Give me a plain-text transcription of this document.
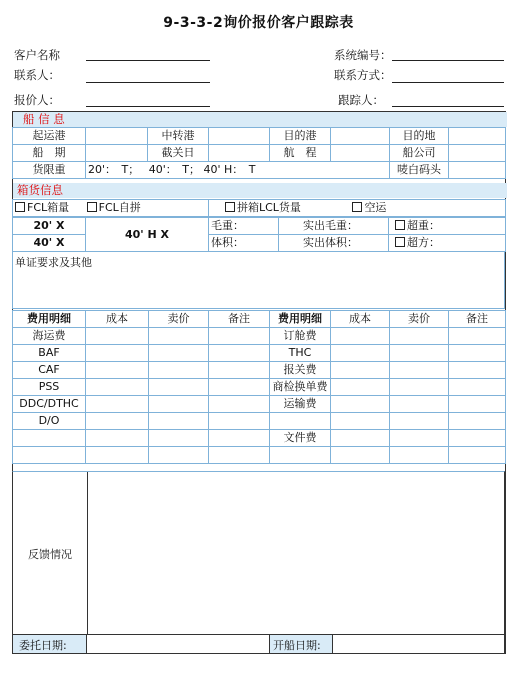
9-3-3-2询价报价客户跟踪表
客户名称
联系人：
报价人：
系统编号：
联系方式：
跟踪人：
船 信 息
起运港		中转港		目的港		目的地	
船　期		截关日		航　程		船公司	
货限重	20'：　T； 40'：　T； 40' H：　T					唛白码头	
箱货信息
FCL箱量	FCL自拼	拼箱LCL货量	空运
20' X	40' H X	毛重：	实出毛重：	超重：
40' X		体积：	实出体积：	超方：
单证要求及其他
费用明细	成本	卖价	备注	费用明细	成本	卖价	备注
海运费				订舱费			
BAF				THC			
CAF				报关费			
PSS				商检换单费			
DDC/DTHC				运输费			
D/O							
				文件费			

反馈情况
委托日期:	开船日期:
